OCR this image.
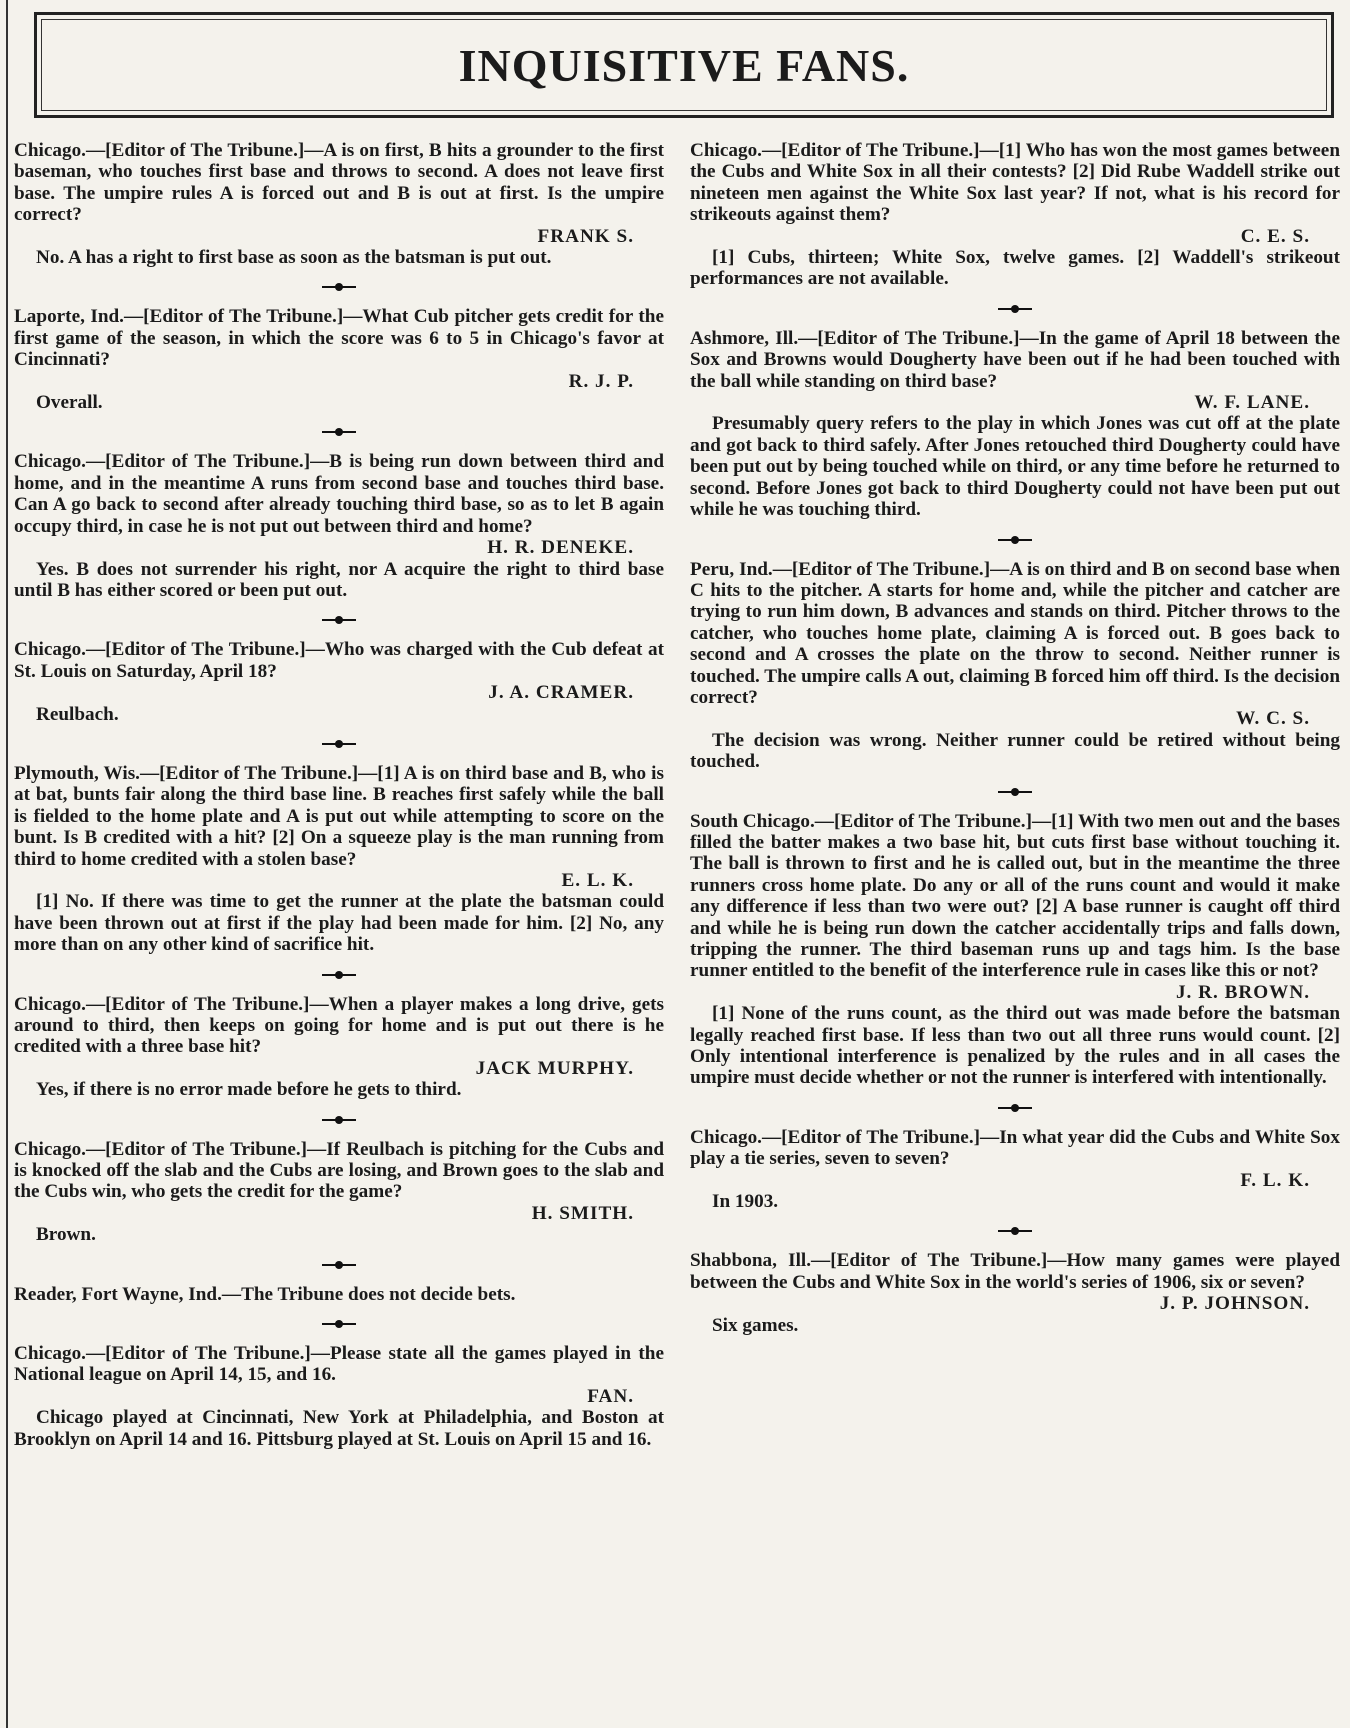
INQUISITIVE FANS.

Chicago.—[Editor of The Tribune.]—A is on first, B hits a grounder to the first baseman, who touches first base and throws to second. A does not leave first base. The umpire rules A is forced out and B is out at first. Is the umpire correct?

FRANK S.

No. A has a right to first base as soon as the batsman is put out.

Laporte, Ind.—[Editor of The Tribune.]—What Cub pitcher gets credit for the first game of the season, in which the score was 6 to 5 in Chicago's favor at Cincinnati?

R. J. P.

Overall.

Chicago.—[Editor of The Tribune.]—B is being run down between third and home, and in the meantime A runs from second base and touches third base. Can A go back to second after already touching third base, so as to let B again occupy third, in case he is not put out between third and home?

H. R. DENEKE.

Yes. B does not surrender his right, nor A acquire the right to third base until B has either scored or been put out.

Chicago.—[Editor of The Tribune.]—Who was charged with the Cub defeat at St. Louis on Saturday, April 18?

J. A. CRAMER.

Reulbach.

Plymouth, Wis.—[Editor of The Tribune.]—[1] A is on third base and B, who is at bat, bunts fair along the third base line. B reaches first safely while the ball is fielded to the home plate and A is put out while attempting to score on the bunt. Is B credited with a hit? [2] On a squeeze play is the man running from third to home credited with a stolen base?

E. L. K.

[1] No. If there was time to get the runner at the plate the batsman could have been thrown out at first if the play had been made for him. [2] No, any more than on any other kind of sacrifice hit.

Chicago.—[Editor of The Tribune.]—When a player makes a long drive, gets around to third, then keeps on going for home and is put out there is he credited with a three base hit?

JACK MURPHY.

Yes, if there is no error made before he gets to third.

Chicago.—[Editor of The Tribune.]—If Reulbach is pitching for the Cubs and is knocked off the slab and the Cubs are losing, and Brown goes to the slab and the Cubs win, who gets the credit for the game?

H. SMITH.

Brown.

Reader, Fort Wayne, Ind.—The Tribune does not decide bets.

Chicago.—[Editor of The Tribune.]—Please state all the games played in the National league on April 14, 15, and 16.

FAN.

Chicago played at Cincinnati, New York at Philadelphia, and Boston at Brooklyn on April 14 and 16. Pittsburg played at St. Louis on April 15 and 16.

Chicago.—[Editor of The Tribune.]—[1] Who has won the most games between the Cubs and White Sox in all their contests? [2] Did Rube Waddell strike out nineteen men against the White Sox last year? If not, what is his record for strikeouts against them?

C. E. S.

[1] Cubs, thirteen; White Sox, twelve games. [2] Waddell's strikeout performances are not available.

Ashmore, Ill.—[Editor of The Tribune.]—In the game of April 18 between the Sox and Browns would Dougherty have been out if he had been touched with the ball while standing on third base?

W. F. LANE.

Presumably query refers to the play in which Jones was cut off at the plate and got back to third safely. After Jones retouched third Dougherty could have been put out by being touched while on third, or any time before he returned to second. Before Jones got back to third Dougherty could not have been put out while he was touching third.

Peru, Ind.—[Editor of The Tribune.]—A is on third and B on second base when C hits to the pitcher. A starts for home and, while the pitcher and catcher are trying to run him down, B advances and stands on third. Pitcher throws to the catcher, who touches home plate, claiming A is forced out. B goes back to second and A crosses the plate on the throw to second. Neither runner is touched. The umpire calls A out, claiming B forced him off third. Is the decision correct?

W. C. S.

The decision was wrong. Neither runner could be retired without being touched.

South Chicago.—[Editor of The Tribune.]—[1] With two men out and the bases filled the batter makes a two base hit, but cuts first base without touching it. The ball is thrown to first and he is called out, but in the meantime the three runners cross home plate. Do any or all of the runs count and would it make any difference if less than two were out? [2] A base runner is caught off third and while he is being run down the catcher accidentally trips and falls down, tripping the runner. The third baseman runs up and tags him. Is the base runner entitled to the benefit of the interference rule in cases like this or not?

J. R. BROWN.

[1] None of the runs count, as the third out was made before the batsman legally reached first base. If less than two out all three runs would count. [2] Only intentional interference is penalized by the rules and in all cases the umpire must decide whether or not the runner is interfered with intentionally.

Chicago.—[Editor of The Tribune.]—In what year did the Cubs and White Sox play a tie series, seven to seven?

F. L. K.

In 1903.

Shabbona, Ill.—[Editor of The Tribune.]—How many games were played between the Cubs and White Sox in the world's series of 1906, six or seven?

J. P. JOHNSON.

Six games.
